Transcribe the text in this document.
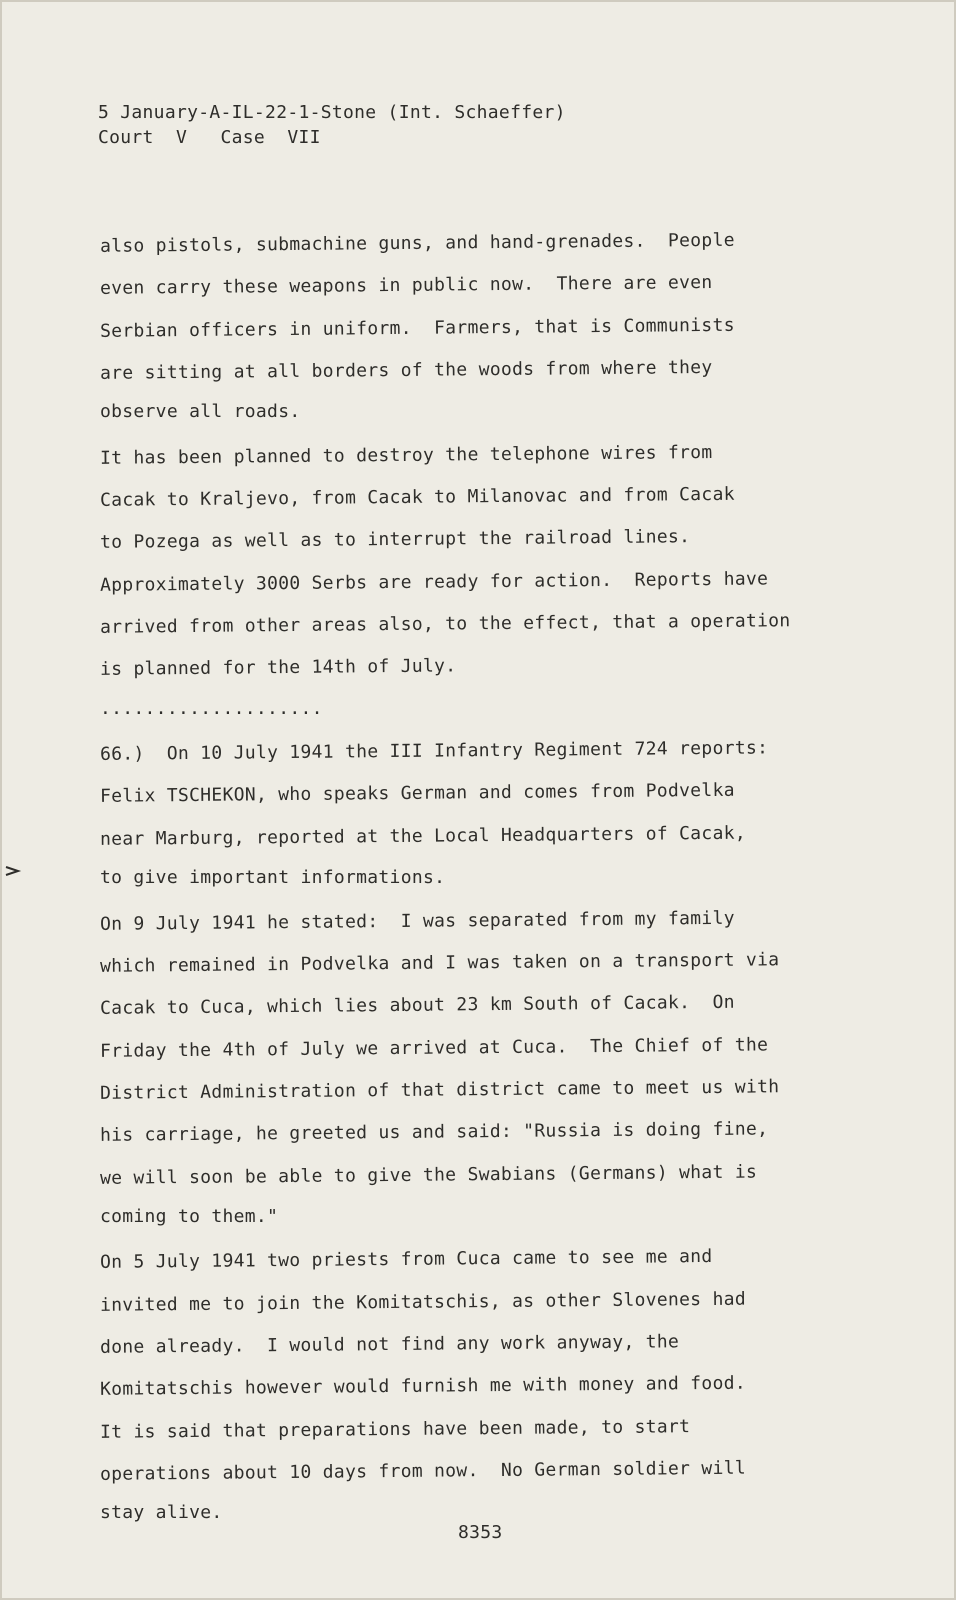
5 January-A-IL-22-1-Stone (Int. Schaeffer)
Court  V   Case  VII
also pistols, submachine guns, and hand-grenades.  People
even carry these weapons in public now.  There are even
Serbian officers in uniform.  Farmers, that is Communists
are sitting at all borders of the woods from where they
observe all roads.
It has been planned to destroy the telephone wires from
Cacak to Kraljevo, from Cacak to Milanovac and from Cacak
to Pozega as well as to interrupt the railroad lines.
Approximately 3000 Serbs are ready for action.  Reports have
arrived from other areas also, to the effect, that a operation
is planned for the 14th of July.
....................
66.)  On 10 July 1941 the III Infantry Regiment 724 reports:
Felix TSCHEKON, who speaks German and comes from Podvelka
near Marburg, reported at the Local Headquarters of Cacak,
to give important informations.
On 9 July 1941 he stated:  I was separated from my family
which remained in Podvelka and I was taken on a transport via
Cacak to Cuca, which lies about 23 km South of Cacak.  On
Friday the 4th of July we arrived at Cuca.  The Chief of the
District Administration of that district came to meet us with
his carriage, he greeted us and said: "Russia is doing fine,
we will soon be able to give the Swabians (Germans) what is
coming to them."
On 5 July 1941 two priests from Cuca came to see me and
invited me to join the Komitatschis, as other Slovenes had
done already.  I would not find any work anyway, the
Komitatschis however would furnish me with money and food.
It is said that preparations have been made, to start
operations about 10 days from now.  No German soldier will
stay alive.
8353
